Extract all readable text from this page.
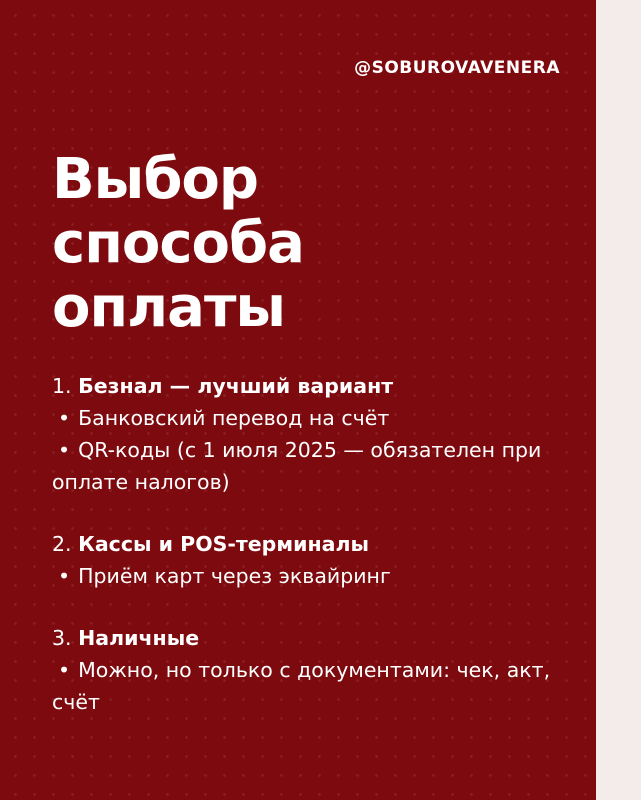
@SOBUROVAVENERA
Выбор
способа
оплаты
1. Безнал — лучший вариант
• Банковский перевод на счёт
• QR-коды (с 1 июля 2025 — обязателен при оплате налогов)
2. Кассы и POS-терминалы
• Приём карт через эквайринг
3. Наличные
• Можно, но только с документами: чек, акт, счёт
